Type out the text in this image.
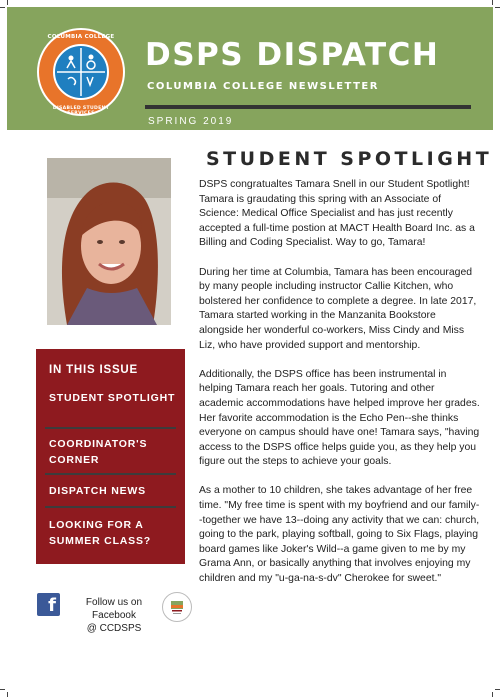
COLUMBIA COLLEGE
DISABLED STUDENT SERVICES
DSPS DISPATCH
COLUMBIA COLLEGE NEWSLETTER
SPRING 2019
STUDENT SPOTLIGHT

DSPS congratualtes Tamara Snell in our Student Spotlight! Tamara is graudating this spring with an Associate of Science: Medical Office Specialist and has just recently accepted a full-time postion at MACT Health Board Inc. as a Billing and Coding Specialist. Way to go, Tamara!

During her time at Columbia, Tamara has been encouraged by many people including instructor Callie Kitchen, who bolstered her confidence to complete a degree. In late 2017, Tamara started working in the Manzanita Bookstore alongside her wonderful co-workers, Miss Cindy and Miss Liz, who have provided support and mentorship.

Additionally, the DSPS office has been instrumental in helping Tamara reach her goals. Tutoring and other academic accommodations have helped improve her grades. Her favorite accommodation is the Echo Pen--she thinks everyone on campus should have one! Tamara says, "having access to the DSPS office helps guide you, as they help you figure out the steps to achieve your goals.

As a mother to 10 children, she takes advantage of her free time. "My free time is spent with my boyfriend and our family--together we have 13--doing any activity that we can: church, going to the park, playing softball, going to Six Flags, playing board games like Joker's Wild--a game given to me by my Grama Ann, or basically anything that involves enjoying my children and my "u-ga-na-s-dv" Cherokee for sweet."

IN THIS ISSUE
STUDENT SPOTLIGHT
COORDINATOR'S CORNER
DISPATCH NEWS
LOOKING FOR A SUMMER CLASS?
f	Follow us on Facebook
@ CCDSPS
